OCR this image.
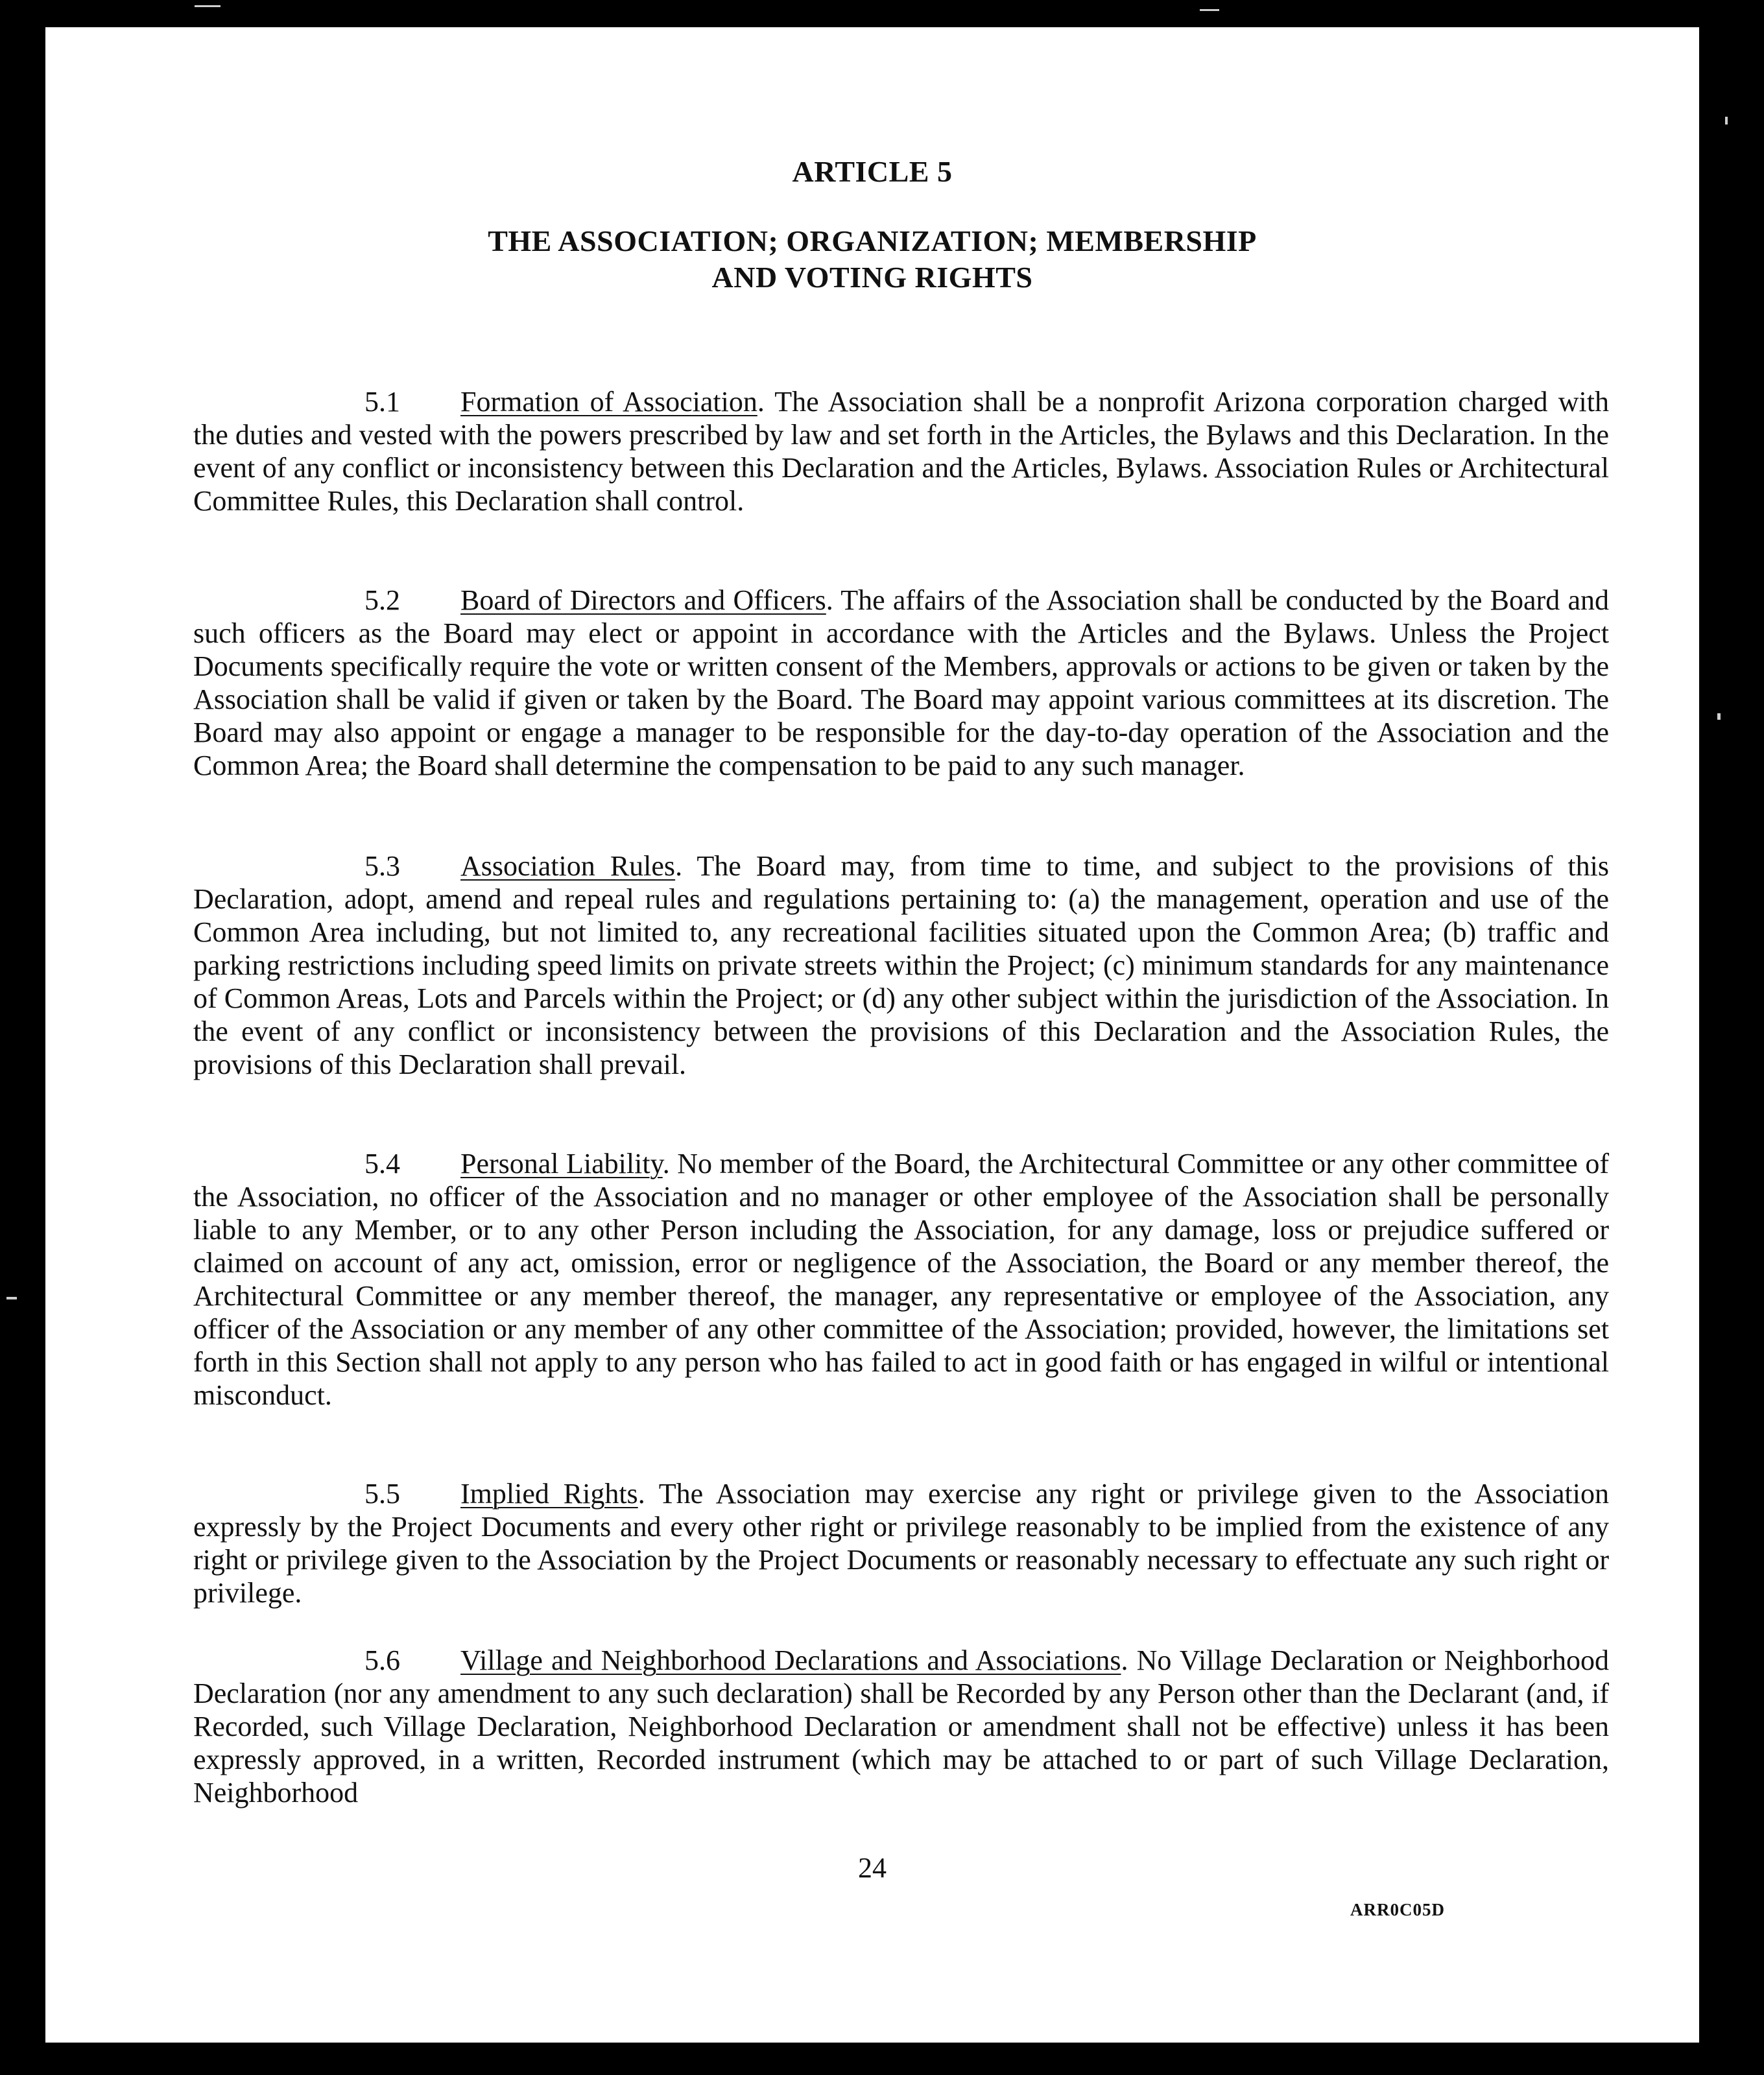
ARTICLE 5
THE ASSOCIATION; ORGANIZATION; MEMBERSHIP
AND VOTING RIGHTS

5.1 Formation of Association. The Association shall be a nonprofit Arizona corporation charged with the duties and vested with the powers prescribed by law and set forth in the Articles, the Bylaws and this Declaration. In the event of any conflict or inconsistency between this Declaration and the Articles, Bylaws. Association Rules or Architectural Committee Rules, this Declaration shall control.

5.2 Board of Directors and Officers. The affairs of the Association shall be conducted by the Board and such officers as the Board may elect or appoint in accordance with the Articles and the Bylaws. Unless the Project Documents specifically require the vote or written consent of the Members, approvals or actions to be given or taken by the Association shall be valid if given or taken by the Board. The Board may appoint various committees at its discretion. The Board may also appoint or engage a manager to be responsible for the day-to-day operation of the Association and the Common Area; the Board shall determine the compensation to be paid to any such manager.

5.3 Association Rules. The Board may, from time to time, and subject to the provisions of this Declaration, adopt, amend and repeal rules and regulations pertaining to: (a) the management, operation and use of the Common Area including, but not limited to, any recreational facilities situated upon the Common Area; (b) traffic and parking restrictions including speed limits on private streets within the Project; (c) minimum standards for any maintenance of Common Areas, Lots and Parcels within the Project; or (d) any other subject within the jurisdiction of the Association. In the event of any conflict or inconsistency between the provisions of this Declaration and the Association Rules, the provisions of this Declaration shall prevail.

5.4 Personal Liability. No member of the Board, the Architectural Committee or any other committee of the Association, no officer of the Association and no manager or other employee of the Association shall be personally liable to any Member, or to any other Person including the Association, for any damage, loss or prejudice suffered or claimed on account of any act, omission, error or negligence of the Association, the Board or any member thereof, the Architectural Committee or any member thereof, the manager, any representative or employee of the Association, any officer of the Association or any member of any other committee of the Association; provided, however, the limitations set forth in this Section shall not apply to any person who has failed to act in good faith or has engaged in wilful or intentional misconduct.

5.5 Implied Rights. The Association may exercise any right or privilege given to the Association expressly by the Project Documents and every other right or privilege reasonably to be implied from the existence of any right or privilege given to the Association by the Project Documents or reasonably necessary to effectuate any such right or privilege.

5.6 Village and Neighborhood Declarations and Associations. No Village Declaration or Neighborhood Declaration (nor any amendment to any such declaration) shall be Recorded by any Person other than the Declarant (and, if Recorded, such Village Declaration, Neighborhood Declaration or amendment shall not be effective) unless it has been expressly approved, in a written, Recorded instrument (which may be attached to or part of such Village Declaration, Neighborhood

24
ARR0C05D
